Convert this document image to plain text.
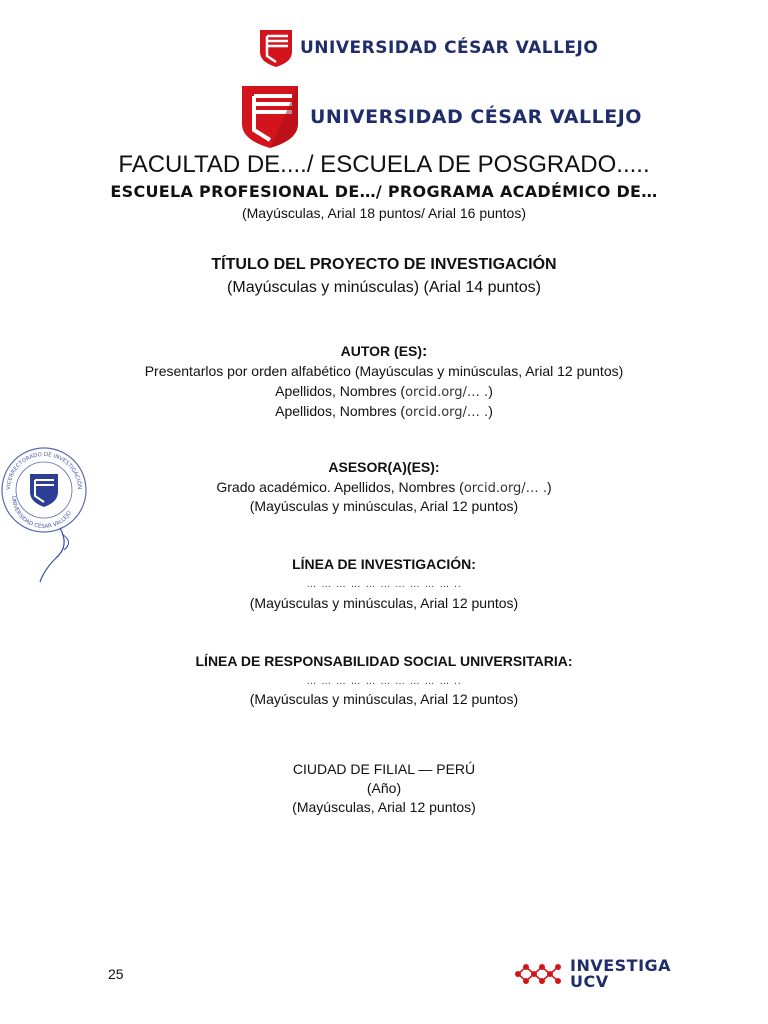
UNIVERSIDAD CÉSAR VALLEJO
UNIVERSIDAD CÉSAR VALLEJO
FACULTAD DE..../ ESCUELA DE POSGRADO.....
ESCUELA PROFESIONAL DE…/ PROGRAMA ACADÉMICO DE…
(Mayúsculas, Arial 18 puntos/ Arial 16 puntos)
TÍTULO DEL PROYECTO DE INVESTIGACIÓN
(Mayúsculas y minúsculas) (Arial 14 puntos)
AUTOR (ES):
Presentarlos por orden alfabético (Mayúsculas y minúsculas, Arial 12 puntos)
Apellidos, Nombres (orcid.org/… .)
Apellidos, Nombres (orcid.org/… .)
ASESOR(A)(ES):
Grado académico. Apellidos, Nombres (orcid.org/… .)
(Mayúsculas y minúsculas, Arial 12 puntos)
LÍNEA DE INVESTIGACIÓN:
… … … … … … … … … … ..
(Mayúsculas y minúsculas, Arial 12 puntos)
LÍNEA DE RESPONSABILIDAD SOCIAL UNIVERSITARIA:
… … … … … … … … … … ..
(Mayúsculas y minúsculas, Arial 12 puntos)
CIUDAD DE FILIAL — PERÚ
(Año)
(Mayúsculas, Arial 12 puntos)
VICERRECTORADO DE INVESTIGACIÓN
UNIVERSIDAD CÉSAR VALLEJO
25	INVESTIGA
UCV
